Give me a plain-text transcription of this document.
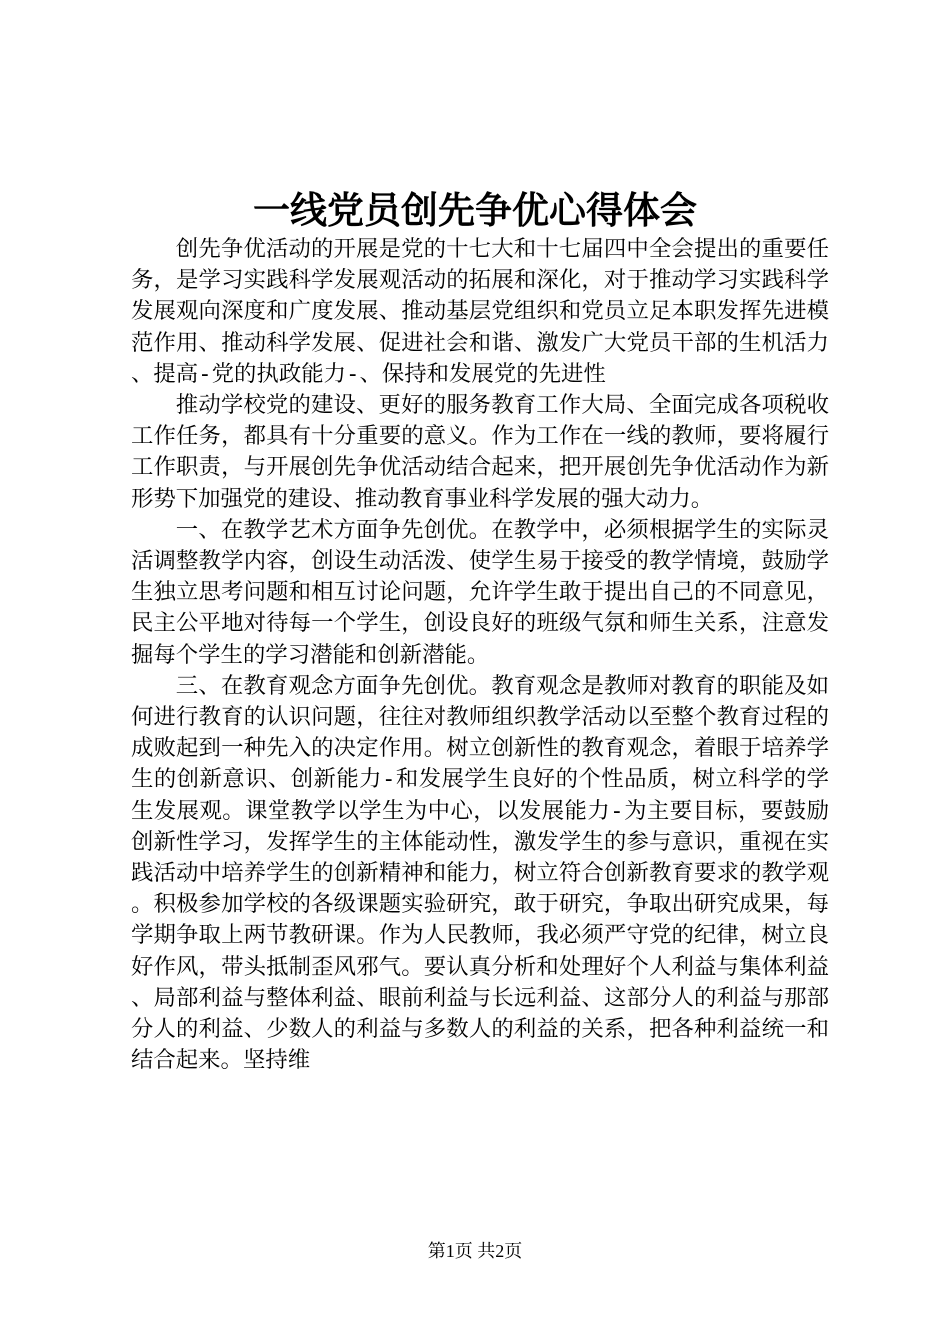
一线党员创先争优心得体会

创先争优活动的开展是党的十七大和十七届四中全会提出的重要任务，是学习实践科学发展观活动的拓展和深化，对于推动学习实践科学发展观向深度和广度发展、推动基层党组织和党员立足本职发挥先进模范作用、推动科学发展、促进社会和谐、激发广大党员干部的生机活力、提高-党的执政能力-、保持和发展党的先进性

推动学校党的建设、更好的服务教育工作大局、全面完成各项税收工作任务，都具有十分重要的意义。作为工作在一线的教师，要将履行工作职责，与开展创先争优活动结合起来，把开展创先争优活动作为新形势下加强党的建设、推动教育事业科学发展的强大动力。

一、在教学艺术方面争先创优。在教学中，必须根据学生的实际灵活调整教学内容，创设生动活泼、使学生易于接受的教学情境，鼓励学生独立思考问题和相互讨论问题，允许学生敢于提出自己的不同意见，民主公平地对待每一个学生，创设良好的班级气氛和师生关系，注意发掘每个学生的学习潜能和创新潜能。

三、在教育观念方面争先创优。教育观念是教师对教育的职能及如何进行教育的认识问题，往往对教师组织教学活动以至整个教育过程的成败起到一种先入的决定作用。树立创新性的教育观念，着眼于培养学生的创新意识、创新能力-和发展学生良好的个性品质，树立科学的学生发展观。课堂教学以学生为中心，以发展能力-为主要目标，要鼓励创新性学习，发挥学生的主体能动性，激发学生的参与意识，重视在实践活动中培养学生的创新精神和能力，树立符合创新教育要求的教学观。积极参加学校的各级课题实验研究，敢于研究，争取出研究成果，每学期争取上两节教研课。作为人民教师，我必须严守党的纪律，树立良好作风，带头抵制歪风邪气。要认真分析和处理好个人利益与集体利益、局部利益与整体利益、眼前利益与长远利益、这部分人的利益与那部分人的利益、少数人的利益与多数人的利益的关系，把各种利益统一和结合起来。坚持维

第1页 共2页
